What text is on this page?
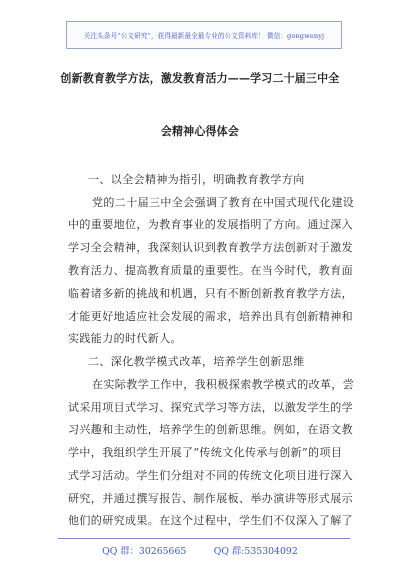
关注头条号“公文研究”，获得最新最全最专业的公文资料库！ 微信：gongwenyj
创新教育教学方法，激发教育活力——学习二十届三中全
会精神心得体会
一、以全会精神为指引，明确教育教学方向
党的二十届三中全会强调了教育在中国式现代化建设
中的重要地位，为教育事业的发展指明了方向。通过深入
学习全会精神，我深刻认识到教育教学方法创新对于激发
教育活力、提高教育质量的重要性。在当今时代，教育面
临着诸多新的挑战和机遇，只有不断创新教育教学方法，
才能更好地适应社会发展的需求，培养出具有创新精神和
实践能力的时代新人。
二、深化教学模式改革，培养学生创新思维
在实际教学工作中，我积极探索教学模式的改革，尝
试采用项目式学习、探究式学习等方法，以激发学生的学
习兴趣和主动性，培养学生的创新思维。例如，在语文教
学中，我组织学生开展了“传统文化传承与创新”的项目
式学习活动。学生们分组对不同的传统文化项目进行深入
研究，并通过撰写报告、制作展板、举办演讲等形式展示
他们的研究成果。在这个过程中，学生们不仅深入了解了
QQ 群：30265665	QQ 群:535304092
